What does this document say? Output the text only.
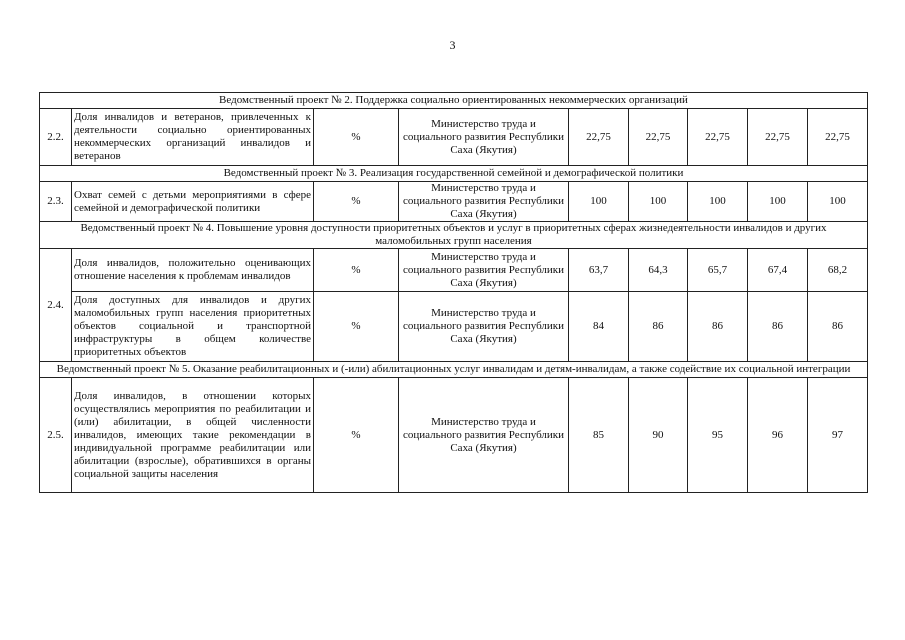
3
Ведомственный проект № 2. Поддержка социально ориентированных некоммерческих организаций								
2.2.	Доля инвалидов и ветеранов, привлеченных к деятельности социально ориентированных некоммерческих организаций инвалидов и ветеранов	%	Министерство труда и социального развития Республики Саха (Якутия)	22,75	22,75	22,75	22,75	22,75
Ведомственный проект № 3. Реализация государственной семейной и демографической политики								
2.3.	Охват семей с детьми мероприятиями в сфере семейной и демографической политики	%	Министерство труда и социального развития Республики Саха (Якутия)	100	100	100	100	100
Ведомственный проект № 4. Повышение уровня доступности приоритетных объектов и услуг в приоритетных сферах жизнедеятельности инвалидов и других маломобильных групп населения								
2.4.	Доля инвалидов, положительно оценивающих отношение населения к проблемам инвалидов	%	Министерство труда и социального развития Республики Саха (Якутия)	63,7	64,3	65,7	67,4	68,2
	Доля доступных для инвалидов и других маломобильных групп населения приоритетных объектов социальной и транспортной инфраструктуры в общем количестве приоритетных объектов	%	Министерство труда и социального развития Республики Саха (Якутия)	84	86	86	86	86
Ведомственный проект № 5. Оказание реабилитационных и (-или) абилитационных услуг инвалидам и детям-инвалидам, а также содействие их социальной интеграции								
2.5.	Доля инвалидов, в отношении которых осуществлялись мероприятия по реабилитации и (или) абилитации, в общей численности инвалидов, имеющих такие рекомендации в индивидуальной программе реабилитации или абилитации (взрослые), обратившихся в органы социальной защиты населения	%	Министерство труда и социального развития Республики Саха (Якутия)	85	90	95	96	97
